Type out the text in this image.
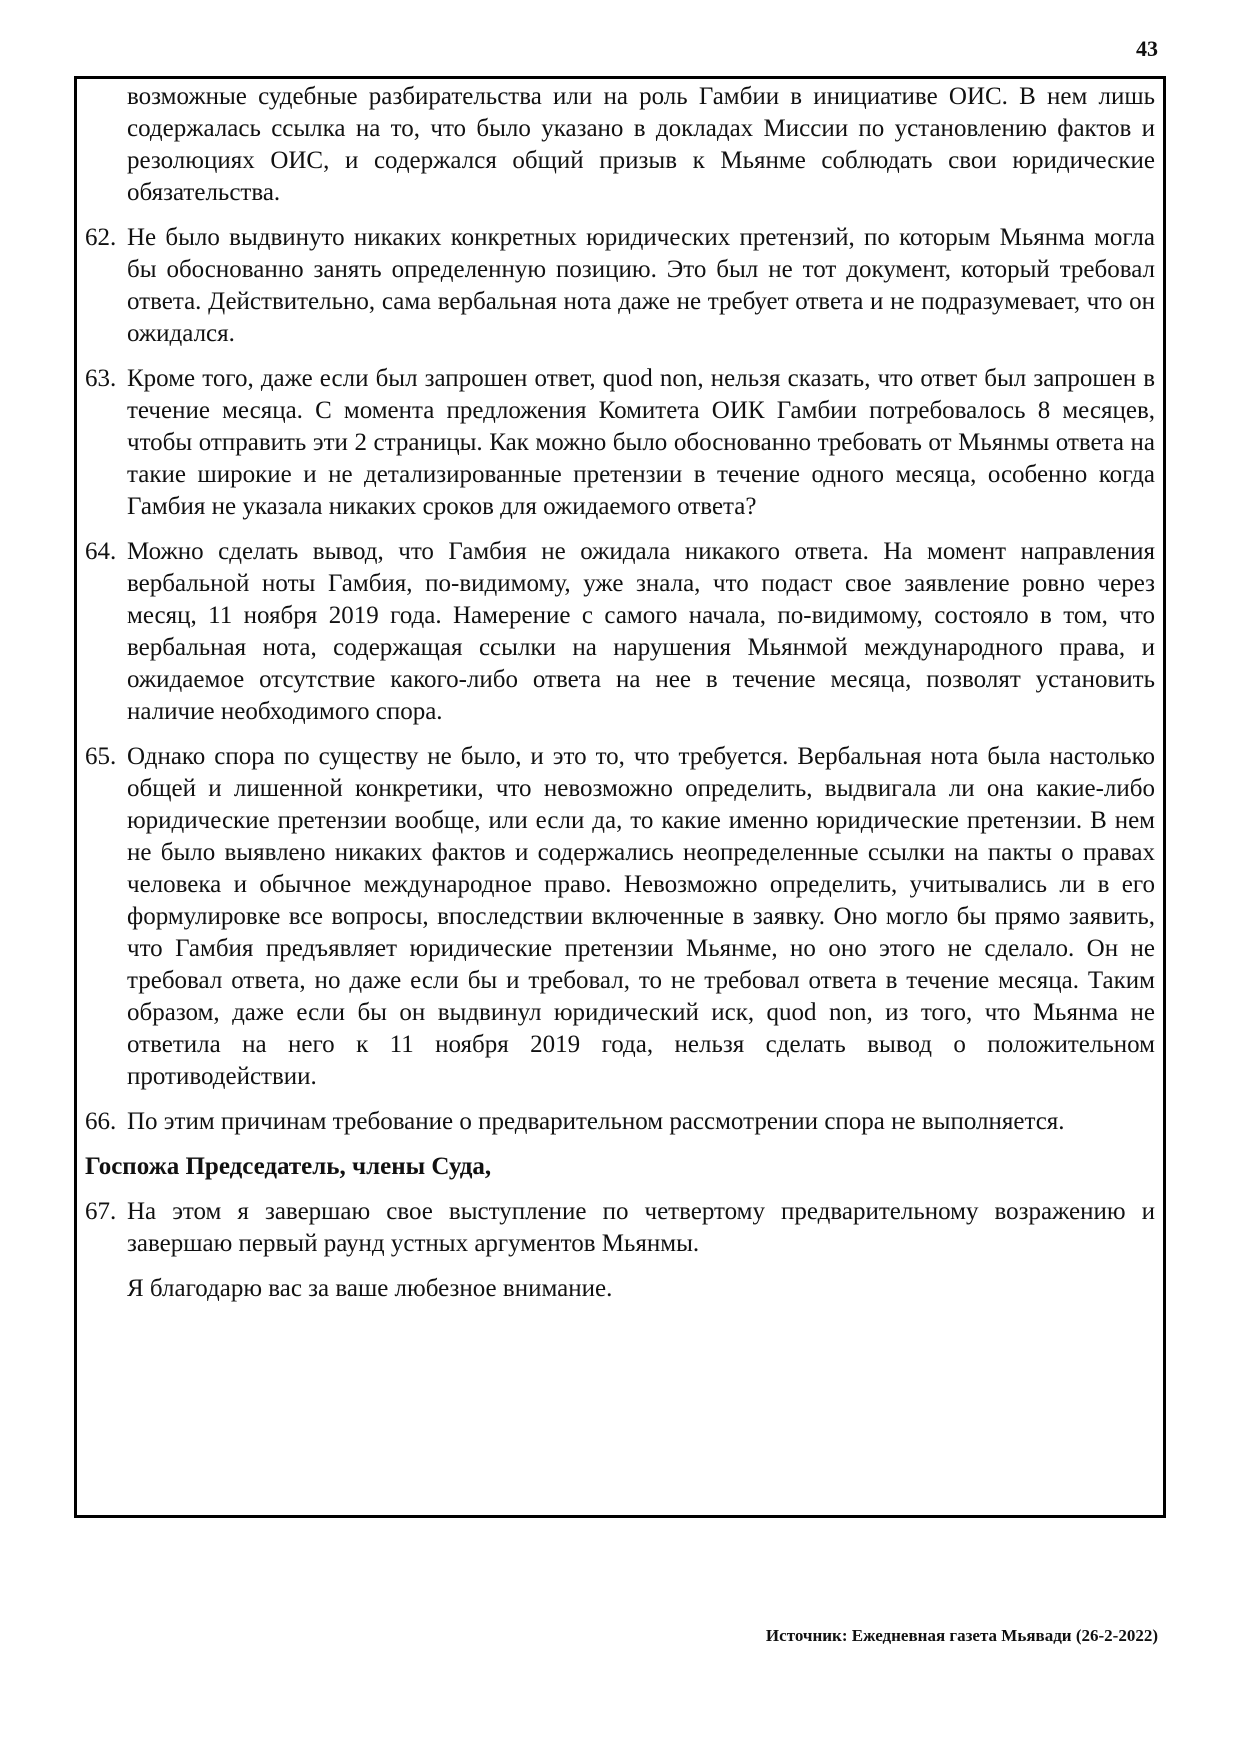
43
возможные судебные разбирательства или на роль Гамбии в инициативе ОИС. В нем лишь содержалась ссылка на то, что было указано в докладах Миссии по установлению фактов и резолюциях ОИС, и содержался общий призыв к Мьянме соблюдать свои юридические обязательства.
62. Не было выдвинуто никаких конкретных юридических претензий, по которым Мьянма могла бы обоснованно занять определенную позицию. Это был не тот документ, который требовал ответа. Действительно, сама вербальная нота даже не требует ответа и не подразумевает, что он ожидался.
63. Кроме того, даже если был запрошен ответ, quod non, нельзя сказать, что ответ был запрошен в течение месяца. С момента предложения Комитета ОИК Гамбии потребовалось 8 месяцев, чтобы отправить эти 2 страницы. Как можно было обоснованно требовать от Мьянмы ответа на такие широкие и не детализированные претензии в течение одного месяца, особенно когда Гамбия не указала никаких сроков для ожидаемого ответа?
64. Можно сделать вывод, что Гамбия не ожидала никакого ответа. На момент направления вербальной ноты Гамбия, по-видимому, уже знала, что подаст свое заявление ровно через месяц, 11 ноября 2019 года. Намерение с самого начала, по-видимому, состояло в том, что вербальная нота, содержащая ссылки на нарушения Мьянмой международного права, и ожидаемое отсутствие какого-либо ответа на нее в течение месяца, позволят установить наличие необходимого спора.
65. Однако спора по существу не было, и это то, что требуется. Вербальная нота была настолько общей и лишенной конкретики, что невозможно определить, выдвигала ли она какие-либо юридические претензии вообще, или если да, то какие именно юридические претензии. В нем не было выявлено никаких фактов и содержались неопределенные ссылки на пакты о правах человека и обычное международное право. Невозможно определить, учитывались ли в его формулировке все вопросы, впоследствии включенные в заявку. Оно могло бы прямо заявить, что Гамбия предъявляет юридические претензии Мьянме, но оно этого не сделало. Он не требовал ответа, но даже если бы и требовал, то не требовал ответа в течение месяца. Таким образом, даже если бы он выдвинул юридический иск, quod non, из того, что Мьянма не ответила на него к 11 ноября 2019 года, нельзя сделать вывод о положительном противодействии.
66. По этим причинам требование о предварительном рассмотрении спора не выполняется.
Госпожа Председатель, члены Суда,
67. На этом я завершаю свое выступление по четвертому предварительному возражению и завершаю первый раунд устных аргументов Мьянмы.
Я благодарю вас за ваше любезное внимание.
Источник: Ежедневная газета Мьявади (26-2-2022)
